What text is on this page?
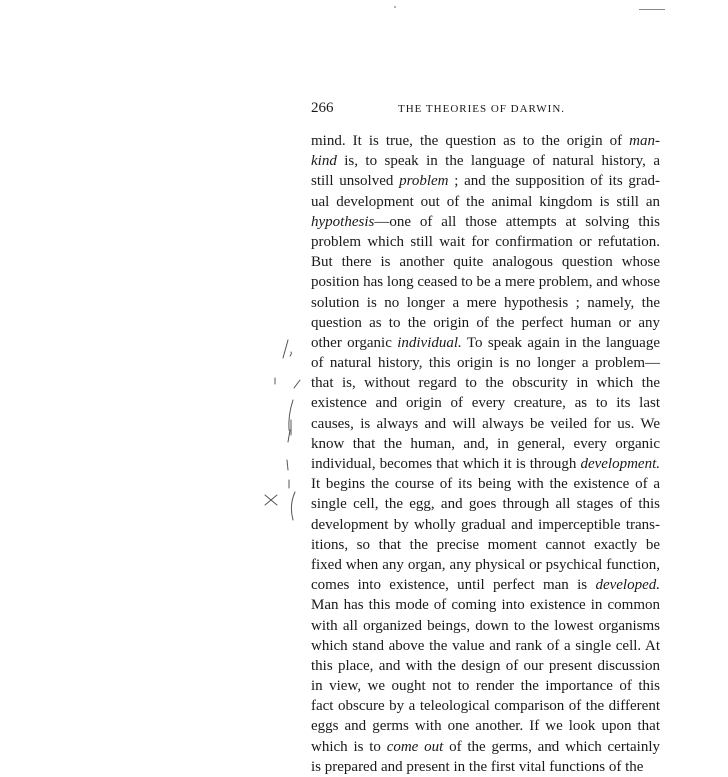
266	THE THEORIES OF DARWIN.
mind. It is true, the question as to the origin of man-
kind is, to speak in the language of natural history, a
still unsolved problem ; and the supposition of its grad-
ual development out of the animal kingdom is still an
hypothesis—one of all those attempts at solving this
problem which still wait for confirmation or refutation.
But there is another quite analogous question whose
position has long ceased to be a mere problem, and whose
solution is no longer a mere hypothesis ; namely, the
question as to the origin of the perfect human or any
other organic individual. To speak again in the language
of natural history, this origin is no longer a problem—
that is, without regard to the obscurity in which the
existence and origin of every creature, as to its last
causes, is always and will always be veiled for us. We
know that the human, and, in general, every organic
individual, becomes that which it is through development.
It begins the course of its being with the existence of a
single cell, the egg, and goes through all stages of this
development by wholly gradual and imperceptible trans-
itions, so that the precise moment cannot exactly be
fixed when any organ, any physical or psychical function,
comes into existence, until perfect man is developed.
Man has this mode of coming into existence in common
with all organized beings, down to the lowest organisms
which stand above the value and rank of a single cell. At
this place, and with the design of our present discussion
in view, we ought not to render the importance of this
fact obscure by a teleological comparison of the different
eggs and germs with one another. If we look upon that
which is to come out of the germs, and which certainly
is prepared and present in the first vital functions of the
